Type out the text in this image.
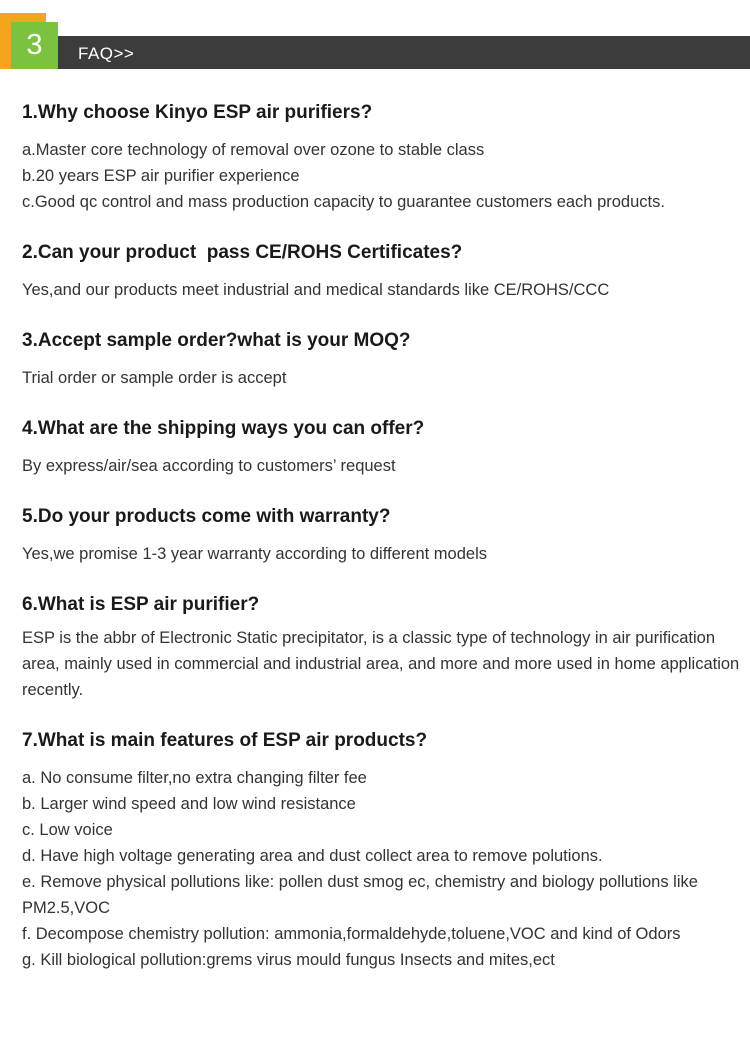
3	FAQ>>

1.Why choose Kinyo ESP air purifiers?

a.Master core technology of removal over ozone to stable class

b.20 years ESP air purifier experience

c.Good qc control and mass production capacity to guarantee customers each products.

2.Can your product  pass CE/ROHS Certificates?

Yes,and our products meet industrial and medical standards like CE/ROHS/CCC

3.Accept sample order?what is your MOQ?

Trial order or sample order is accept

4.What are the shipping ways you can offer?

By express/air/sea according to customers’ request

5.Do your products come with warranty?

Yes,we promise 1-3 year warranty according to different models

6.What is ESP air purifier?

ESP is the abbr of Electronic Static precipitator, is a classic type of technology in air purification area, mainly used in commercial and industrial area, and more and more used in home application recently.

7.What is main features of ESP air products?

a. No consume filter,no extra changing filter fee

b. Larger wind speed and low wind resistance

c. Low voice

d. Have high voltage generating area and dust collect area to remove polutions.

e. Remove physical pollutions like: pollen dust smog ec, chemistry and biology pollutions like PM2.5,VOC

f. Decompose chemistry pollution: ammonia,formaldehyde,toluene,VOC and kind of Odors

g. Kill biological pollution:grems virus mould fungus Insects and mites,ect
